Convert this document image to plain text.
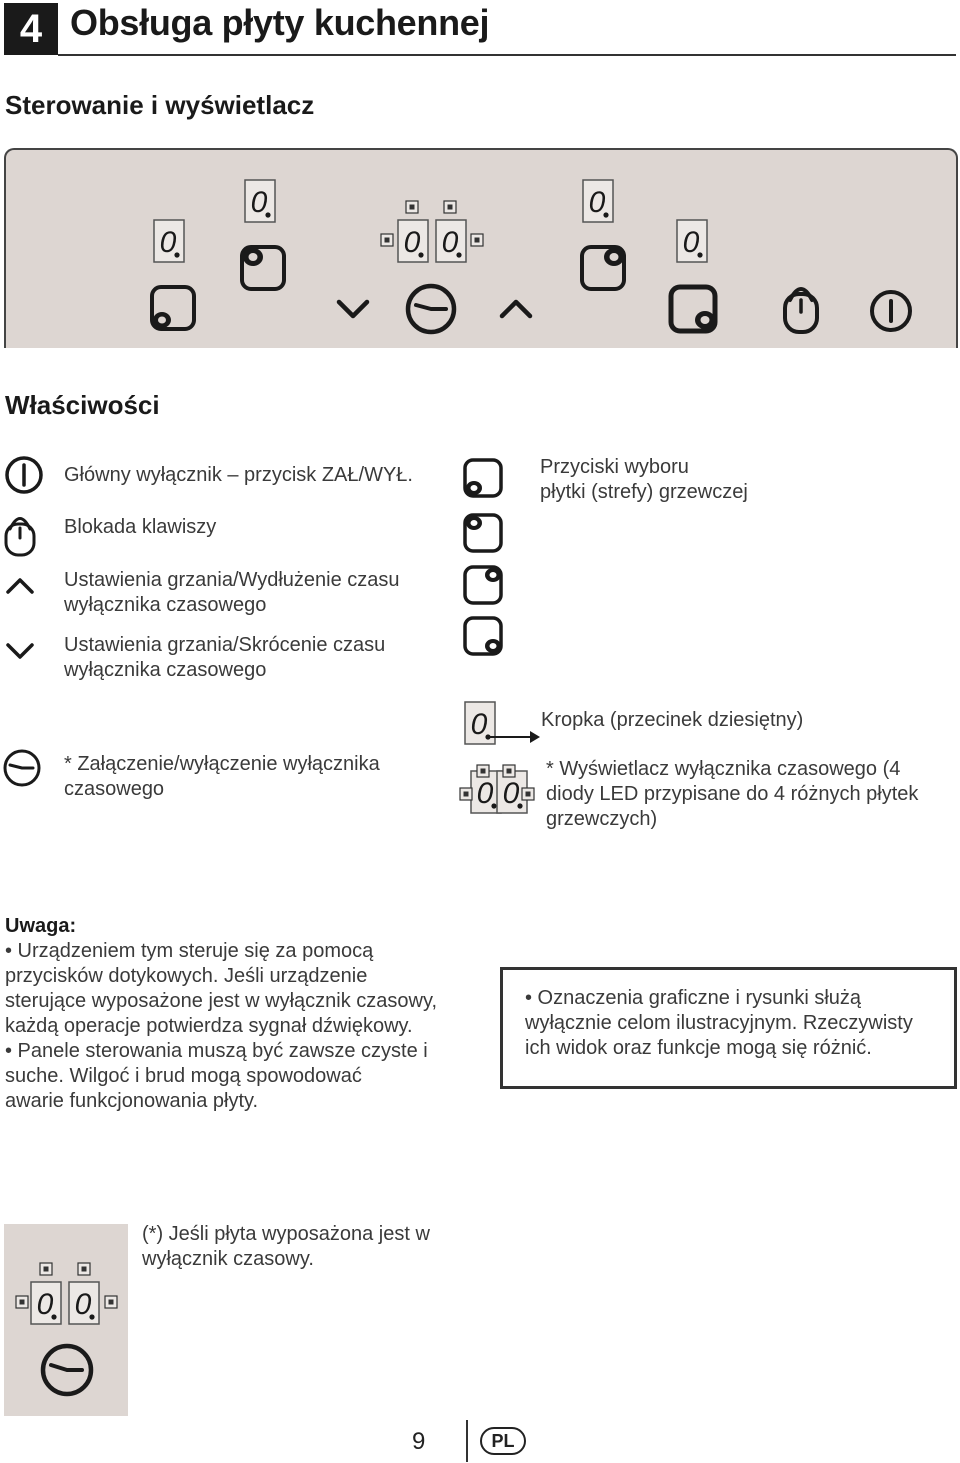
4 Obsługa płyty kuchennej
Sterowanie i wyświetlacz
0
Właściwości
Główny wyłącznik – przycisk ZAŁ/WYŁ.
Blokada klawiszy
Ustawienia grzania/Wydłużenie czasu
wyłącznika czasowego
Ustawienia grzania/Skrócenie czasu
wyłącznika czasowego
* Załączenie/wyłączenie wyłącznika
czasowego
Przyciski wyboru
płytki (strefy) grzewczej
Kropka (przecinek dziesiętny)
* Wyświetlacz wyłącznika czasowego (4
diody LED przypisane do 4 różnych płytek
grzewczych)
Uwaga:
• Urządzeniem tym steruje się za pomocą
przycisków dotykowych. Jeśli urządzenie
sterujące wyposażone jest w wyłącznik czasowy,
każdą operacje potwierdza sygnał dźwiękowy.
• Panele sterowania muszą być zawsze czyste i
suche. Wilgoć i brud mogą spowodować
awarie funkcjonowania płyty.
• Oznaczenia graficzne i rysunki służą
wyłącznie celom ilustracyjnym. Rzeczywisty
ich widok oraz funkcje mogą się różnić.
(*) Jeśli płyta wyposażona jest w
wyłącznik czasowy.
9	PL
